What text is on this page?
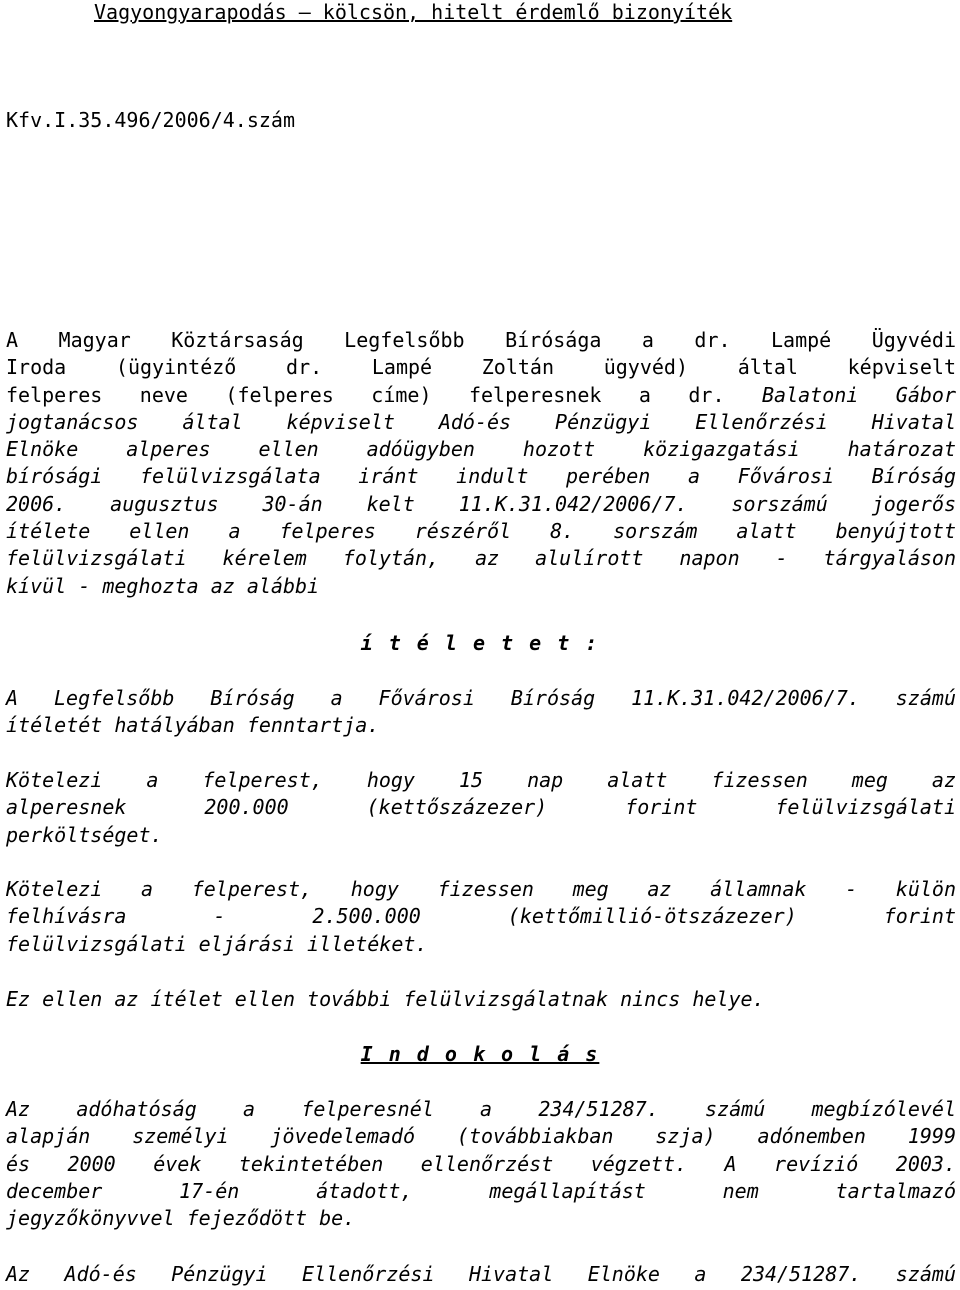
Vagyongyarapodás – kölcsön, hitelt érdemlő bizonyíték
Kfv.I.35.496/2006/4.szám
A Magyar Köztársaság Legfelsőbb Bírósága a dr. Lampé Ügyvédi
Iroda (ügyintéző dr. Lampé Zoltán ügyvéd) által képviselt
felperes neve (felperes címe) felperesnek a dr. Balatoni Gábor
jogtanácsos által képviselt Adó-és Pénzügyi Ellenőrzési Hivatal
Elnöke alperes ellen adóügyben hozott közigazgatási határozat
bírósági felülvizsgálata iránt indult perében a Fővárosi Bíróság
2006. augusztus 30-án kelt 11.K.31.042/2006/7. sorszámú jogerős
ítélete ellen a felperes részéről 8. sorszám alatt benyújtott
felülvizsgálati kérelem folytán, az alulírott napon - tárgyaláson
kívül - meghozta az alábbi
í t é l e t e t :
A Legfelsőbb Bíróság a Fővárosi Bíróság 11.K.31.042/2006/7. számú
ítéletét hatályában fenntartja.
Kötelezi a felperest, hogy 15 nap alatt fizessen meg az
alperesnek 200.000 (kettőszázezer) forint felülvizsgálati
perköltséget.
Kötelezi a felperest, hogy fizessen meg az államnak - külön
felhívásra - 2.500.000 (kettőmillió-ötszázezer) forint
felülvizsgálati eljárási illetéket.
Ez ellen az ítélet ellen további felülvizsgálatnak nincs helye.
I n d o k o l á s
Az adóhatóság a felperesnél a 234/51287. számú megbízólevél
alapján személyi jövedelemadó (továbbiakban szja) adónemben 1999
és 2000 évek tekintetében ellenőrzést végzett. A revízió 2003.
december 17-én átadott, megállapítást nem tartalmazó
jegyzőkönyvvel fejeződött be.
Az Adó-és Pénzügyi Ellenőrzési Hivatal Elnöke a 234/51287. számú
